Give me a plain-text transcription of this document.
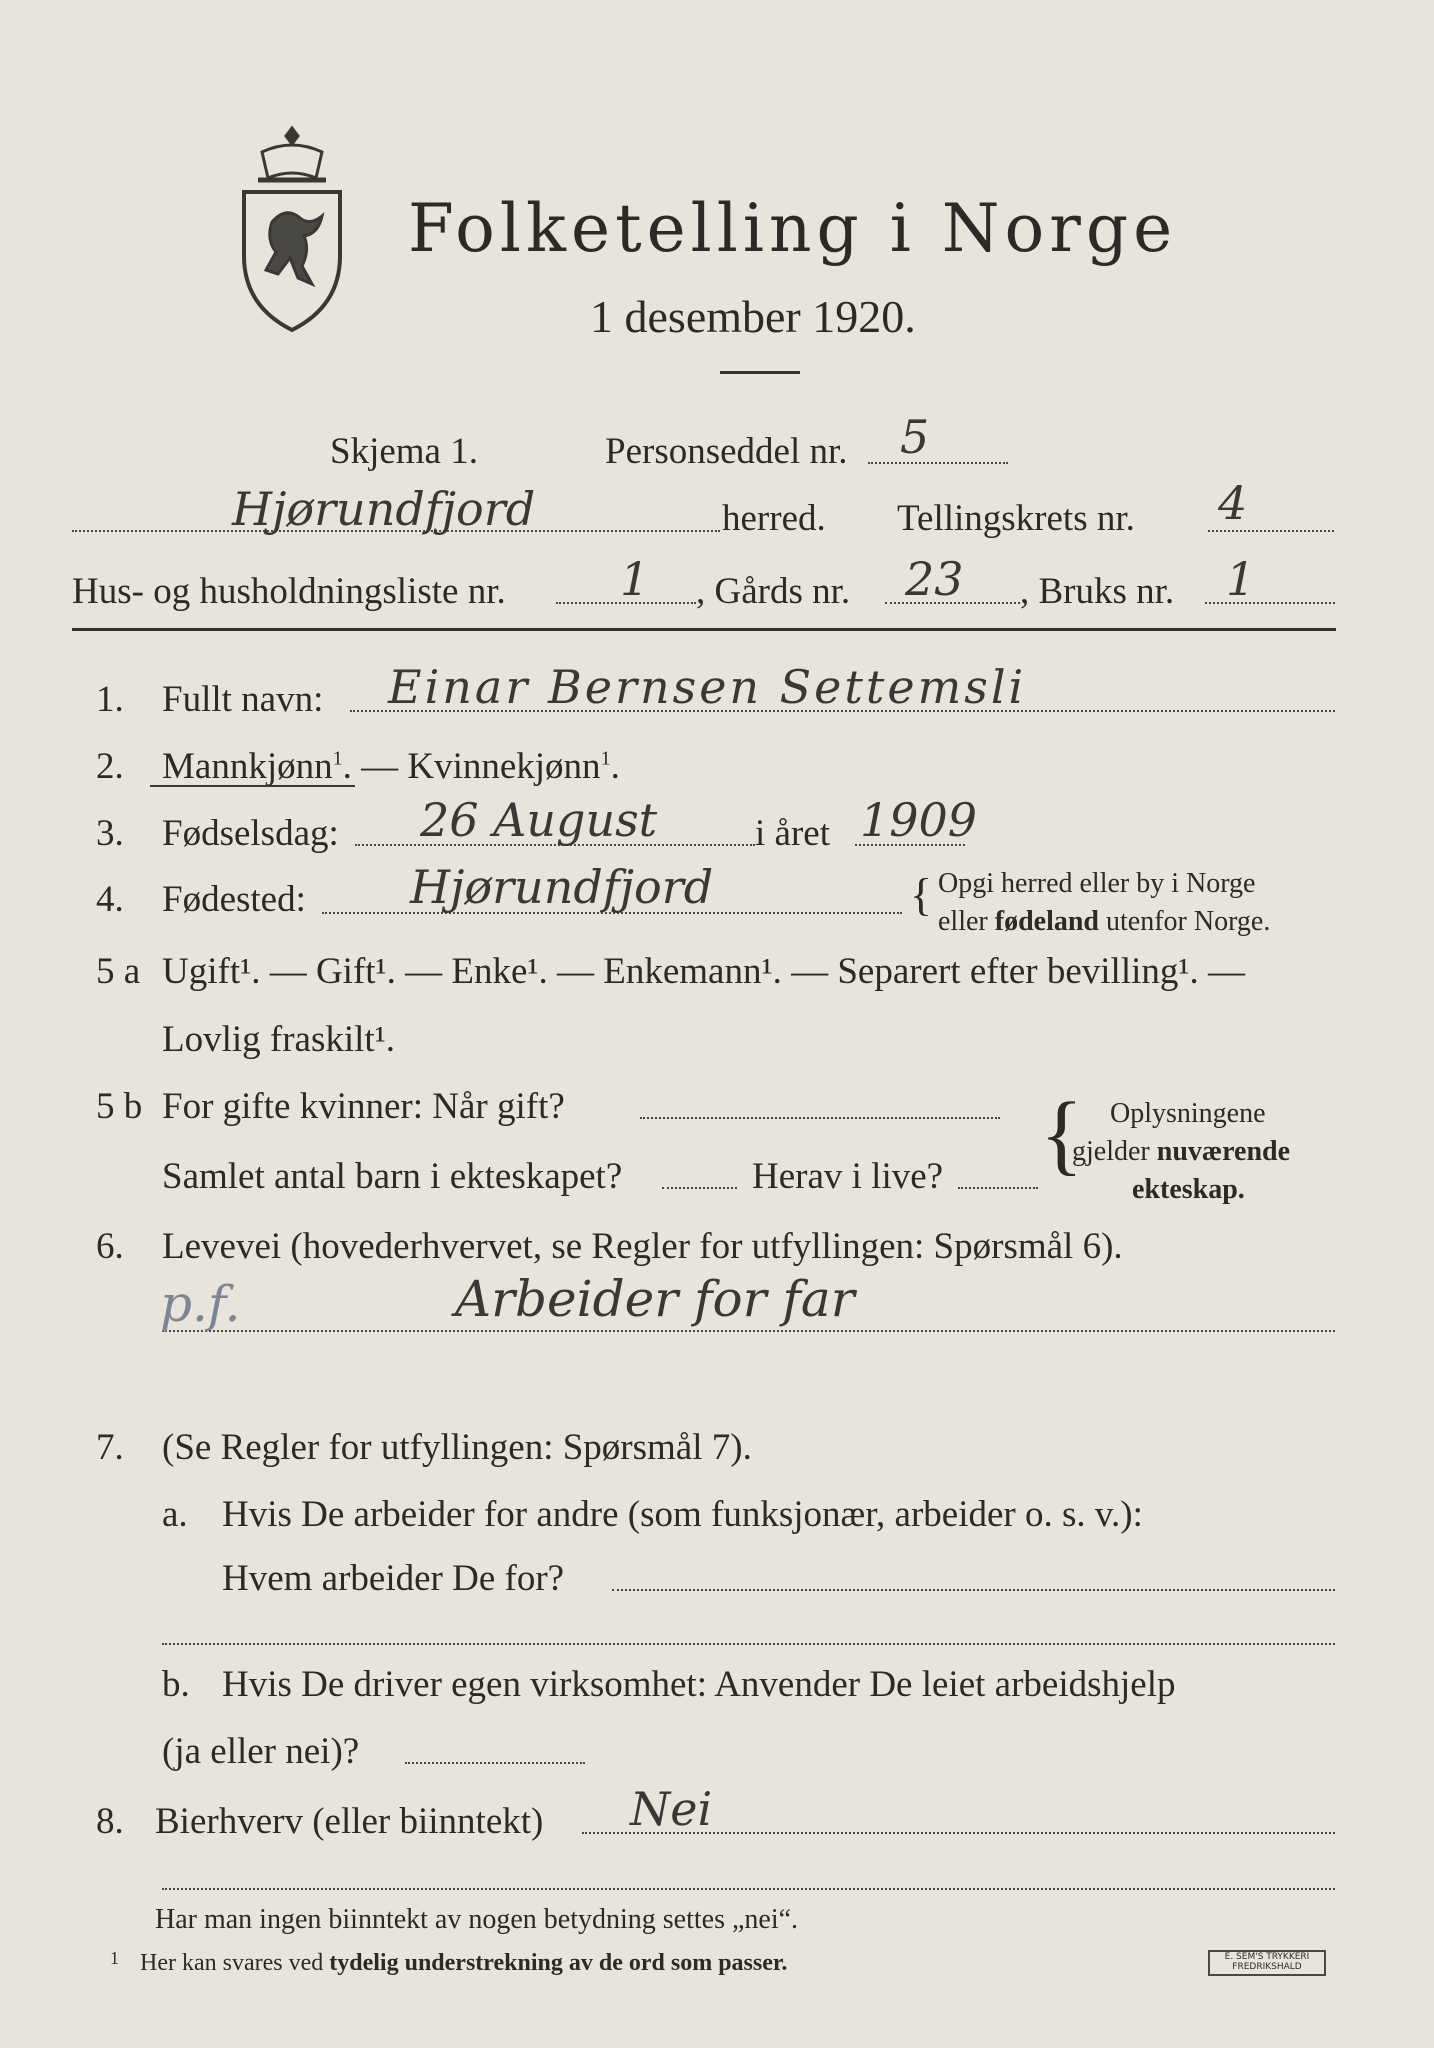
Folketelling i Norge
1 desember 1920.
Skjema 1.	Personseddel nr. 5
Hjørundfjord	herred. Tellingskrets nr. 4
Hus- og husholdningsliste nr. 1 , Gårds nr. 23 , Bruks nr. 1
1. Fullt navn: Einar Bernsen Settemsli
2. Mannkjønn$^1$. — Kvinnekjønn$^1$.
3. Fødselsdag: 26 August	i året 1909
4. Fødested: Hjørundfjord	{ Opgi herred eller by i Norge
eller fødeland utenfor Norge.
5 a Ugift¹. — Gift¹. — Enke¹. — Enkemann¹. — Separert efter bevilling¹. —
Lovlig fraskilt¹.
5 b For gifte kvinner: Når gift?
Samlet antal barn i ekteskapet?	Herav i live? { Oplysningene
gjelder nuværende
ekteskap.
6. Levevei (hovederhvervet, se Regler for utfyllingen: Spørsmål 6).
p.f.	Arbeider for far
7. (Se Regler for utfyllingen: Spørsmål 7).
a. Hvis De arbeider for andre (som funksjonær, arbeider o. s. v.):
Hvem arbeider De for?
b. Hvis De driver egen virksomhet: Anvender De leiet arbeidshjelp
(ja eller nei)?
8. Bierhverv (eller biinntekt) Nei
Har man ingen biinntekt av nogen betydning settes „nei“.
1 Her kan svares ved tydelig understrekning av de ord som passer.	E. SEM'S TRYKKERI FREDRIKSHALD
